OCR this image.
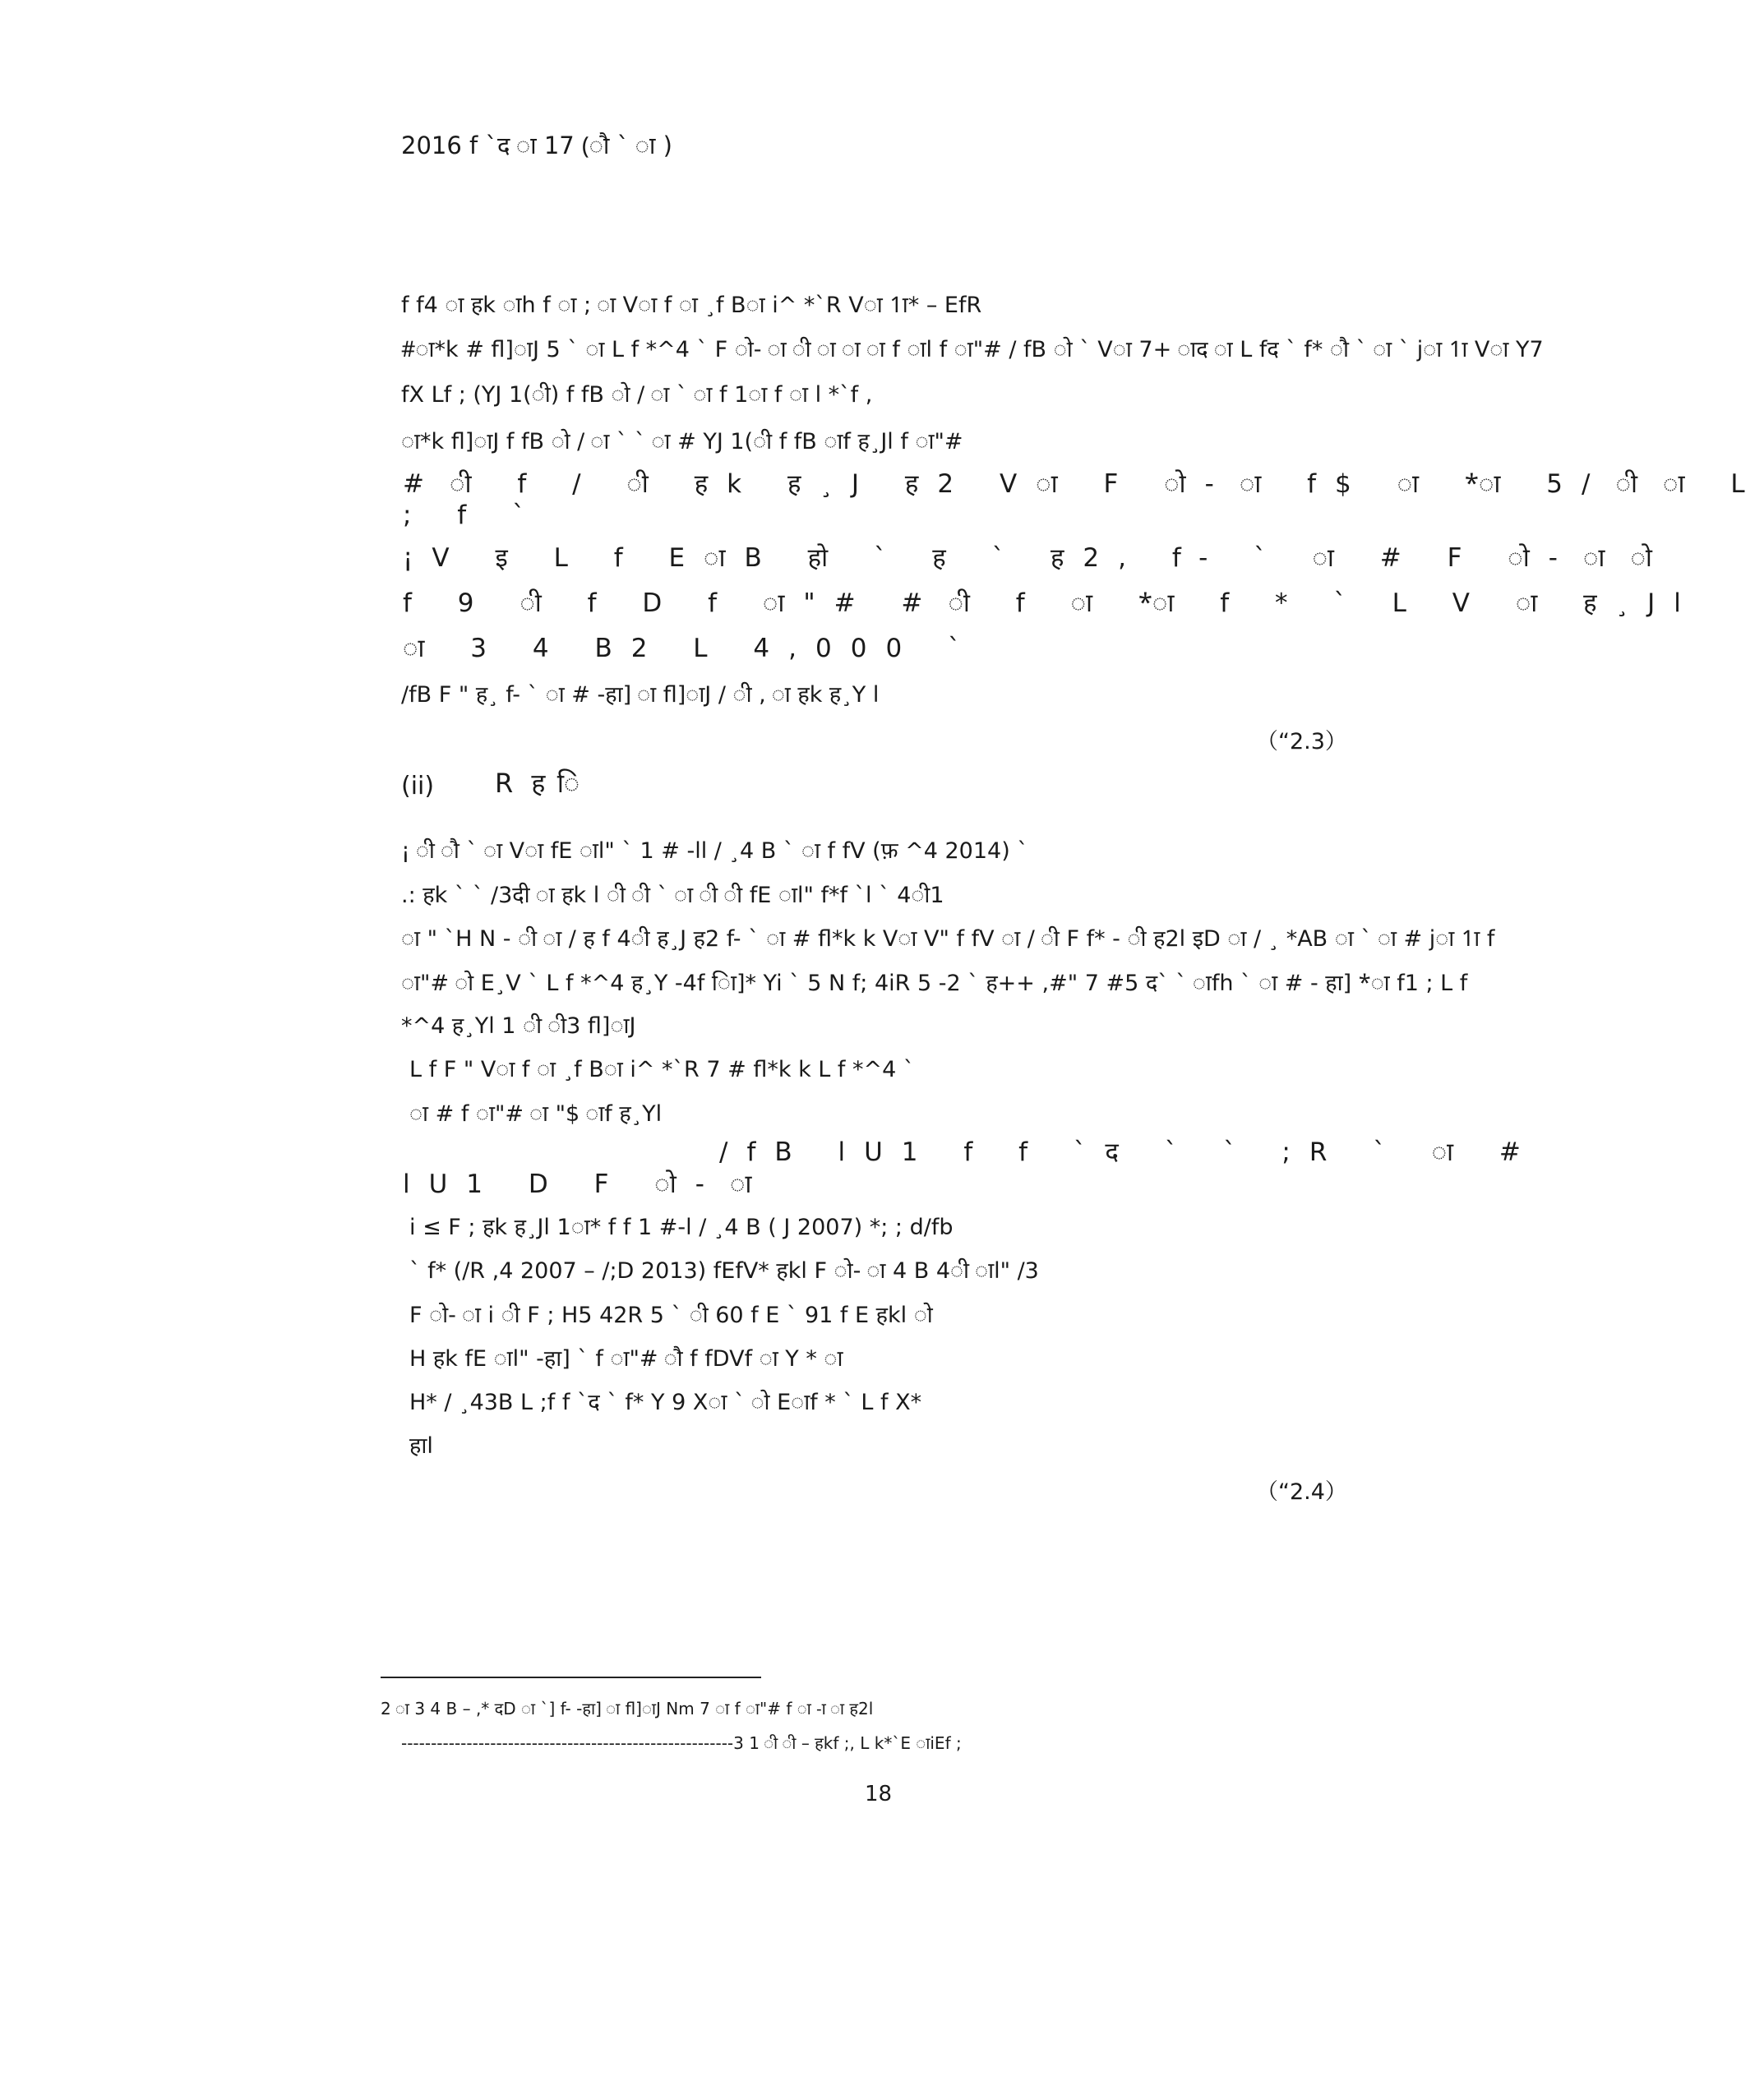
2016 f `द ा 17 (ौ ` ा )
f f4 ा हk ाh f ा ; ा Vा f ा ¸f Bा i^ *`R Vा 1ा* – EfR
#ा*k # fl]ाJ 5 ` ा L f *^4 ` F ो- ा ी ा ा ा f ाl f ा"# / fB ो ` Vा 7+ ाद ा L fद ` f* ौ ` ा ` jा 1ा Vा Y7
fX Lf ; (YJ 1(ी) f fB ो / ा ` ा f 1ा f ा l *`f ,
ा*k fl]ाJ f fB ो / ा ` ` ा # YJ 1(ी f fB ाf ह¸Jl f ा"#
# ी f / ी हk ह¸J ह2 Vा F ो- ा f$ ा *ा 5/ ी ा L
; f `
¡V इ L f EाB हो ` ह ` ह2, f- ` ा # F ो- ा ो
f 9 ी f D f ा"# # ी f ा *ा f * ` L V ा ह¸Jl
ा 3 4 B2 L 4,000 `
/fB F " ह¸ f- ` ा # -हा] ा fl]ाJ / ी , ा हk ह¸Y l
（“2.3）
(ii) R ह ि
¡ ी ौ ` ा Vा fE ाl" ` 1 # -ll / ¸4 B ` ा f fV (फ़ ^4 2014) `
.: हk ` ` /3दी ा हk l ी ी ` ा ी ी fE ाl" f*f `l ` 4ी1
ा " `H N - ी ा / ह f 4ी ह¸J ह2 f- ` ा # fl*k k Vा V" f fV ा / ी F f* - ी ह2l इD ा / ¸ *AB ा ` ा # jा 1ा f
ा"# ो E¸V ` L f *^4 ह¸Y -4f ाि]* Yi ` 5 N f; 4iR 5 -2 ` ह++ ,#" 7 #5 द` ` ाfh ` ा # - हा] *ा f1 ; L f
*^4 ह¸Yl 1 ी ी3 fl]ाJ
L f F " Vा f ा ¸f Bा i^ *`R 7 # fl*k k L f *^4 `
ा # f ा"# ा "$ ाf ह¸Yl
/fB lU1 f f `द ` ` ;R ` ा #
lU1 D F ो- ा
i ≤ F ; हk ह¸Jl 1ा* f f 1 #-l / ¸4 B ( J 2007) *; ; d/fb
` f* (/R ,4 2007 – /;D 2013) fEfV* हkl F ो- ा 4 B 4ी ाl" /3
F ो- ा i ी F ; H5 42R 5 ` ी 60 f E ` 91 f E हkl ो
H हk fE ाl" -हा] ` f ा"# ौ f fDVf ा Y * ा
H* / ¸43B L ;f f `द ` f* Y 9 Xा ` ो Eाf * ` L f X*
हाl
（“2.4）
2 ा 3 4 B – ,* दD ा `] f- -हा] ा fl]ाJ Nm 7 ा f ा"# f ा -ा ा ह2l
--------------------------------------------------------3 1 ी ी – हkf ;, L k*`E ाiEf ;
18
